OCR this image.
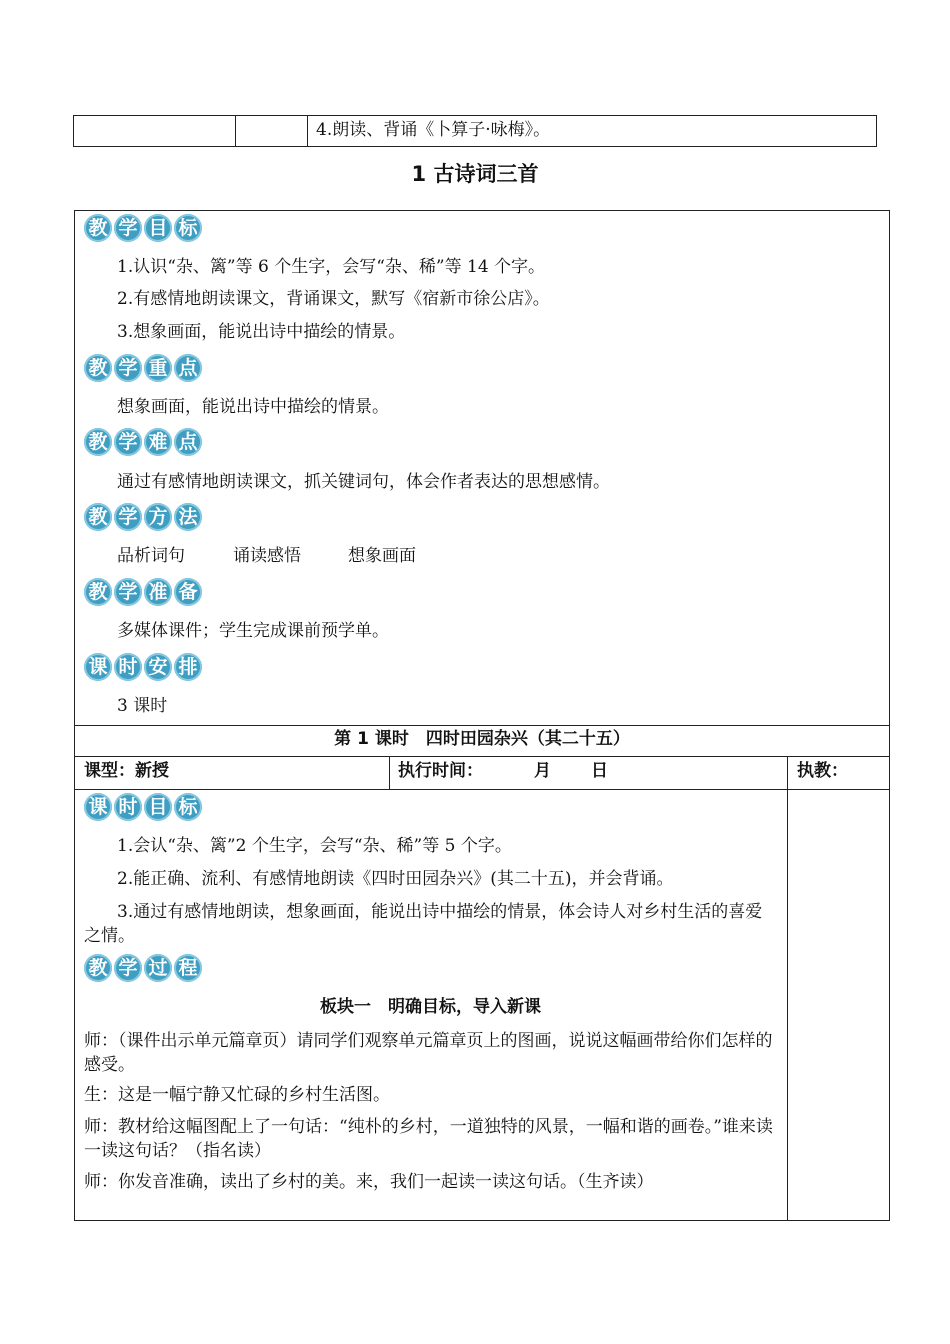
4.朗读、背诵《卜算子·咏梅》。
1 古诗词三首
教 学 目 标
1.认识“杂、篱”等 6 个生字，会写“杂、稀”等 14 个字。
2.有感情地朗读课文，背诵课文，默写《宿新市徐公店》。
3.想象画面，能说出诗中描绘的情景。
教 学 重 点
想象画面，能说出诗中描绘的情景。
教 学 难 点
通过有感情地朗读课文，抓关键词句，体会作者表达的思想感情。
教 学 方 法
品析词句	诵读感悟	想象画面
教 学 准 备
多媒体课件；学生完成课前预学单。
课 时 安 排
3 课时
第 1 课时　四时田园杂兴（其二十五）
课型：新授	执行时间：	月 日	执教：
课 时 目 标
1.会认“杂、篱”2 个生字，会写“杂、稀”等 5 个字。
2.能正确、流利、有感情地朗读《四时田园杂兴》(其二十五)，并会背诵。
3.通过有感情地朗读，想象画面，能说出诗中描绘的情景，体会诗人对乡村生活的喜爱之情。
教 学 过 程
板块一　明确目标，导入新课
师：（课件出示单元篇章页）请同学们观察单元篇章页上的图画，说说这幅画带给你们怎样的感受。
生：这是一幅宁静又忙碌的乡村生活图。
师：教材给这幅图配上了一句话：“纯朴的乡村，一道独特的风景，一幅和谐的画卷。”谁来读一读这句话？（指名读）
师：你发音准确，读出了乡村的美。来，我们一起读一读这句话。（生齐读）
